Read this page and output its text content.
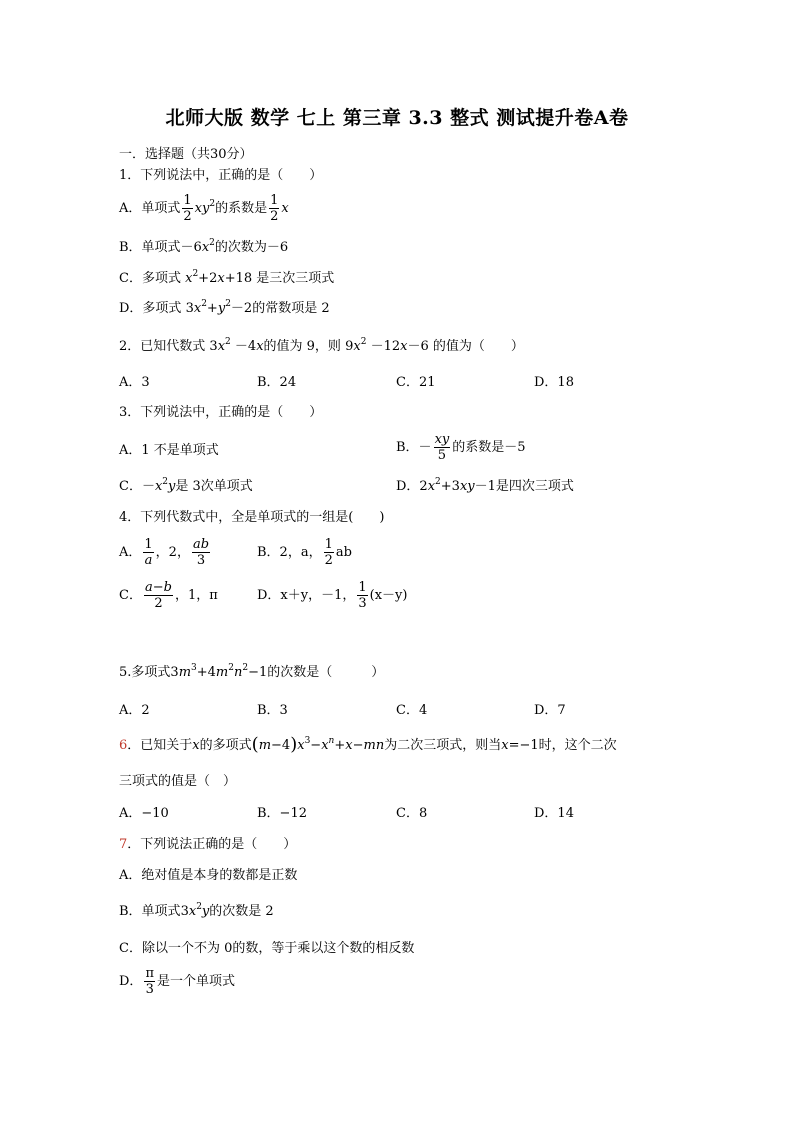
北师大版 数学 七上 第三章 3.3 整式 测试提升卷A卷
一．选择题（共30分）
1．下列说法中，正确的是（　　）
A．单项式 $\frac{1}{2} xy^2$的系数是 $\frac{1}{2}$ x
B．单项式$-6x^2$的次数为－6
C．多项式 $x^2+2x+18$ 是三次三项式
D．多项式 $3x^2+y^2-2$的常数项是 2
2．已知代数式 $3x^2 -4x$的值为 9，则 $9x^2 -12x-6$ 的值为（　　）
A．3	B．24	C．21	D．18
3．下列说法中，正确的是（　　）
A．1 不是单项式	B．－ $\frac{xy}{5}$ 的系数是－5
C．$-x^2y$是 3次单项式	D．$2x^2+3xy-1$是四次三项式
4．下列代数式中，全是单项式的一组是(　　)
A． $\frac{1}{a}$ ，2， $\frac{ab}{3}$	B．2，a， $\frac{1}{2}$ ab
C． $\frac{a-b}{2}$ ，1，π	D．x＋y，－1， $\frac{1}{3} (x-y)$
5.多项式$3m^3+4m^2n^2-1$的次数是（　　　）
A．2	B．3	C．4	D．7
6．已知关于x的多项式$(m-4)x^3-x^n+x-mn$为二次三项式，则当x=−1时，这个二次
三项式的值是（　）
A．−10	B．−12	C．8	D．14
7．下列说法正确的是（　　）
A．绝对值是本身的数都是正数
B．单项式$3x^2y$的次数是 2
C．除以一个不为 0的数，等于乘以这个数的相反数
D． $\frac{\pi}{3}$ 是一个单项式
